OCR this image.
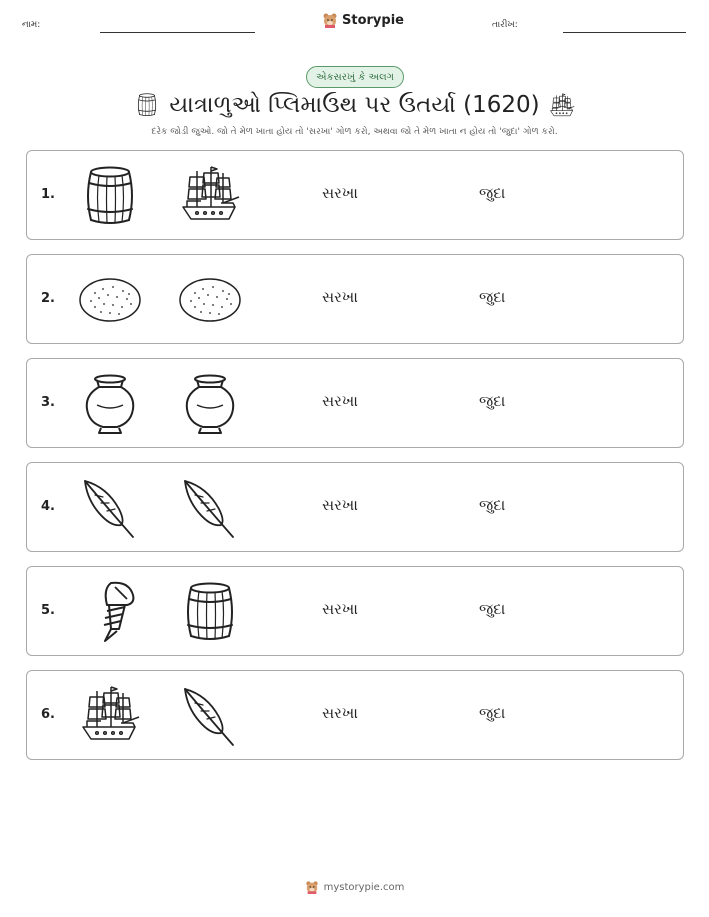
નામ:	Storypie	તારીખ:
એકસરખું કે અલગ
યાત્રાળુઓ પ્લિમાઉથ પર ઉતર્યા (1620)
દરેક જોડી જુઓ. જો તે મેળ ખાતા હોય તો 'સરખા' ગોળ કરો, અથવા જો તે મેળ ખાતા ન હોય તો 'જુદા' ગોળ કરો.
1.	સરખા	જુદા
2.	સરખા	જુદા
3.	સરખા	જુદા
4.	સરખા	જુદા
5.	સરખા	જુદા
6.	સરખા	જુદા
mystorypie.com
